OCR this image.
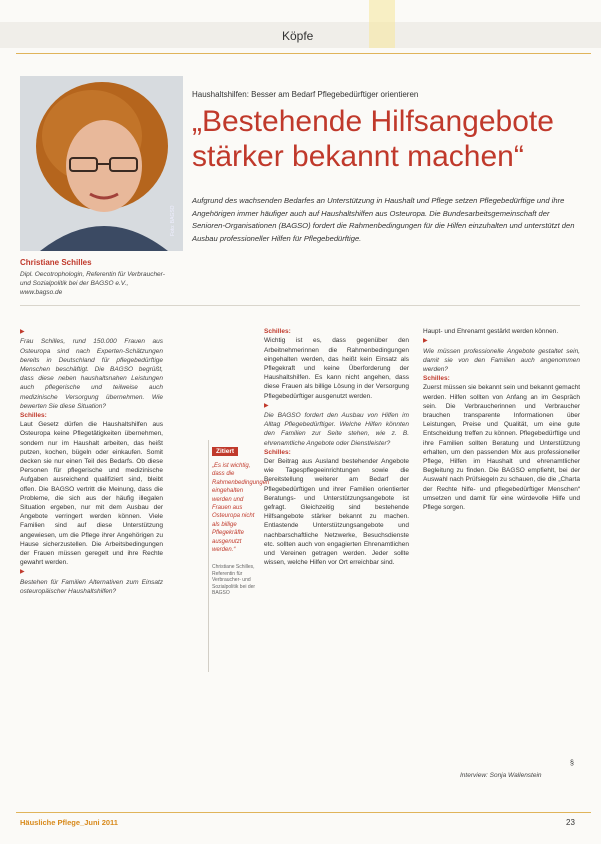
Köpfe
Foto: BAGSO
Christiane Schilles
Dipl. Oecotrophologin, Referentin für Verbraucher- und Sozialpolitik bei der BAGSO e.V., www.bagso.de
Haushaltshilfen: Besser am Bedarf Pflegebedürftiger orientieren
„Bestehende Hilfsangebote stärker bekannt machen“
Aufgrund des wachsenden Bedarfes an Unterstützung in Haushalt und Pflege setzen Pflegebedürftige und ihre Angehörigen immer häufiger auch auf Haushaltshilfen aus Osteuropa. Die Bundesarbeitsgemeinschaft der Senioren-Organisationen (BAGSO) fordert die Rahmenbedingungen für die Hilfen einzuhalten und unterstützt den Ausbau professioneller Hilfen für Pflegebedürftige.

▶
Frau Schilles, rund 150.000 Frauen aus Osteuropa sind nach Experten-Schätzungen bereits in Deutschland für pflegebedürftige Menschen beschäftigt. Die BAGSO begrüßt, dass diese neben haushaltsnahen Leistungen auch pflegerische und teilweise auch medizinische Versorgung übernehmen. Wie bewerten Sie diese Situation?
Schilles:
Laut Gesetz dürfen die Haushaltshilfen aus Osteuropa keine Pflegetätigkeiten übernehmen, sondern nur im Haushalt arbeiten, das heißt putzen, kochen, bügeln oder einkaufen. Somit decken sie nur einen Teil des Bedarfs. Ob diese Personen für pflegerische und medizinische Aufgaben ausreichend qualifiziert sind, bleibt offen. Die BAGSO vertritt die Meinung, dass die Probleme, die sich aus der häufig illegalen Situation ergeben, nur mit dem Ausbau der Angebote verringert werden können. Viele Familien sind auf diese Unterstützung angewiesen, um die Pflege ihrer Angehörigen zu Hause sicherzustellen. Die Arbeitsbedingungen der Frauen müssen geregelt und ihre Rechte gewahrt werden.
▶
Bestehen für Familien Alternativen zum Einsatz osteuropäischer Haushaltshilfen?

Zitiert
„Es ist wichtig, dass die Rahmenbedingungen eingehalten werden und Frauen aus Osteuropa nicht als billige Pflegekräfte ausgenutzt werden.“
Christiane Schilles, Referentin für Verbraucher- und Sozialpolitik bei der BAGSO

Schilles:
Wichtig ist es, dass gegenüber den Arbeitnehmerinnen die Rahmenbedingungen eingehalten werden, das heißt kein Einsatz als Pflegekraft und keine Überforderung der Haushaltshilfen. Es kann nicht angehen, dass diese Frauen als billige Lösung in der Versorgung Pflegebedürftiger ausgenutzt werden.
▶
Die BAGSO fordert den Ausbau von Hilfen im Alltag Pflegebedürftiger. Welche Hilfen könnten den Familien zur Seite stehen, wie z. B. ehrenamtliche Angebote oder Dienstleister?
Schilles:
Der Beitrag aus Ausland bestehender Angebote wie Tagespflegeeinrichtungen sowie die Bereitstellung weiterer am Bedarf der Pflegebedürftigen und ihrer Familien orientierter Beratungs- und Unterstützungsangebote ist gefragt. Gleichzeitig sind bestehende Hilfsangebote stärker bekannt zu machen. Entlastende Unterstützungsangebote und nachbarschaftliche Netzwerke, Besuchsdienste etc. sollten auch von engagierten Ehrenamtlichen und Vereinen getragen werden. Jeder sollte wissen, welche Hilfen vor Ort erreichbar sind.

Haupt- und Ehrenamt gestärkt werden können.
▶
Wie müssen professionelle Angebote gestaltet sein, damit sie von den Familien auch angenommen werden?
Schilles:
Zuerst müssen sie bekannt sein und bekannt gemacht werden. Hilfen sollten von Anfang an im Gespräch sein. Die Verbraucherinnen und Verbraucher brauchen transparente Informationen über Leistungen, Preise und Qualität, um eine gute Entscheidung treffen zu können. Pflegebedürftige und ihre Familien sollten Beratung und Unterstützung erhalten, um den passenden Mix aus professioneller Pflege, Hilfen im Haushalt und ehrenamtlicher Begleitung zu finden. Die BAGSO empfiehlt, bei der Auswahl nach Prüfsiegeln zu schauen, die die „Charta der Rechte hilfe- und pflegebedürftiger Menschen“ umsetzen und damit für eine würdevolle Hilfe und Pflege sorgen.

§
Interview: Sonja Wallenstein
Häusliche Pflege_Juni 2011	23
